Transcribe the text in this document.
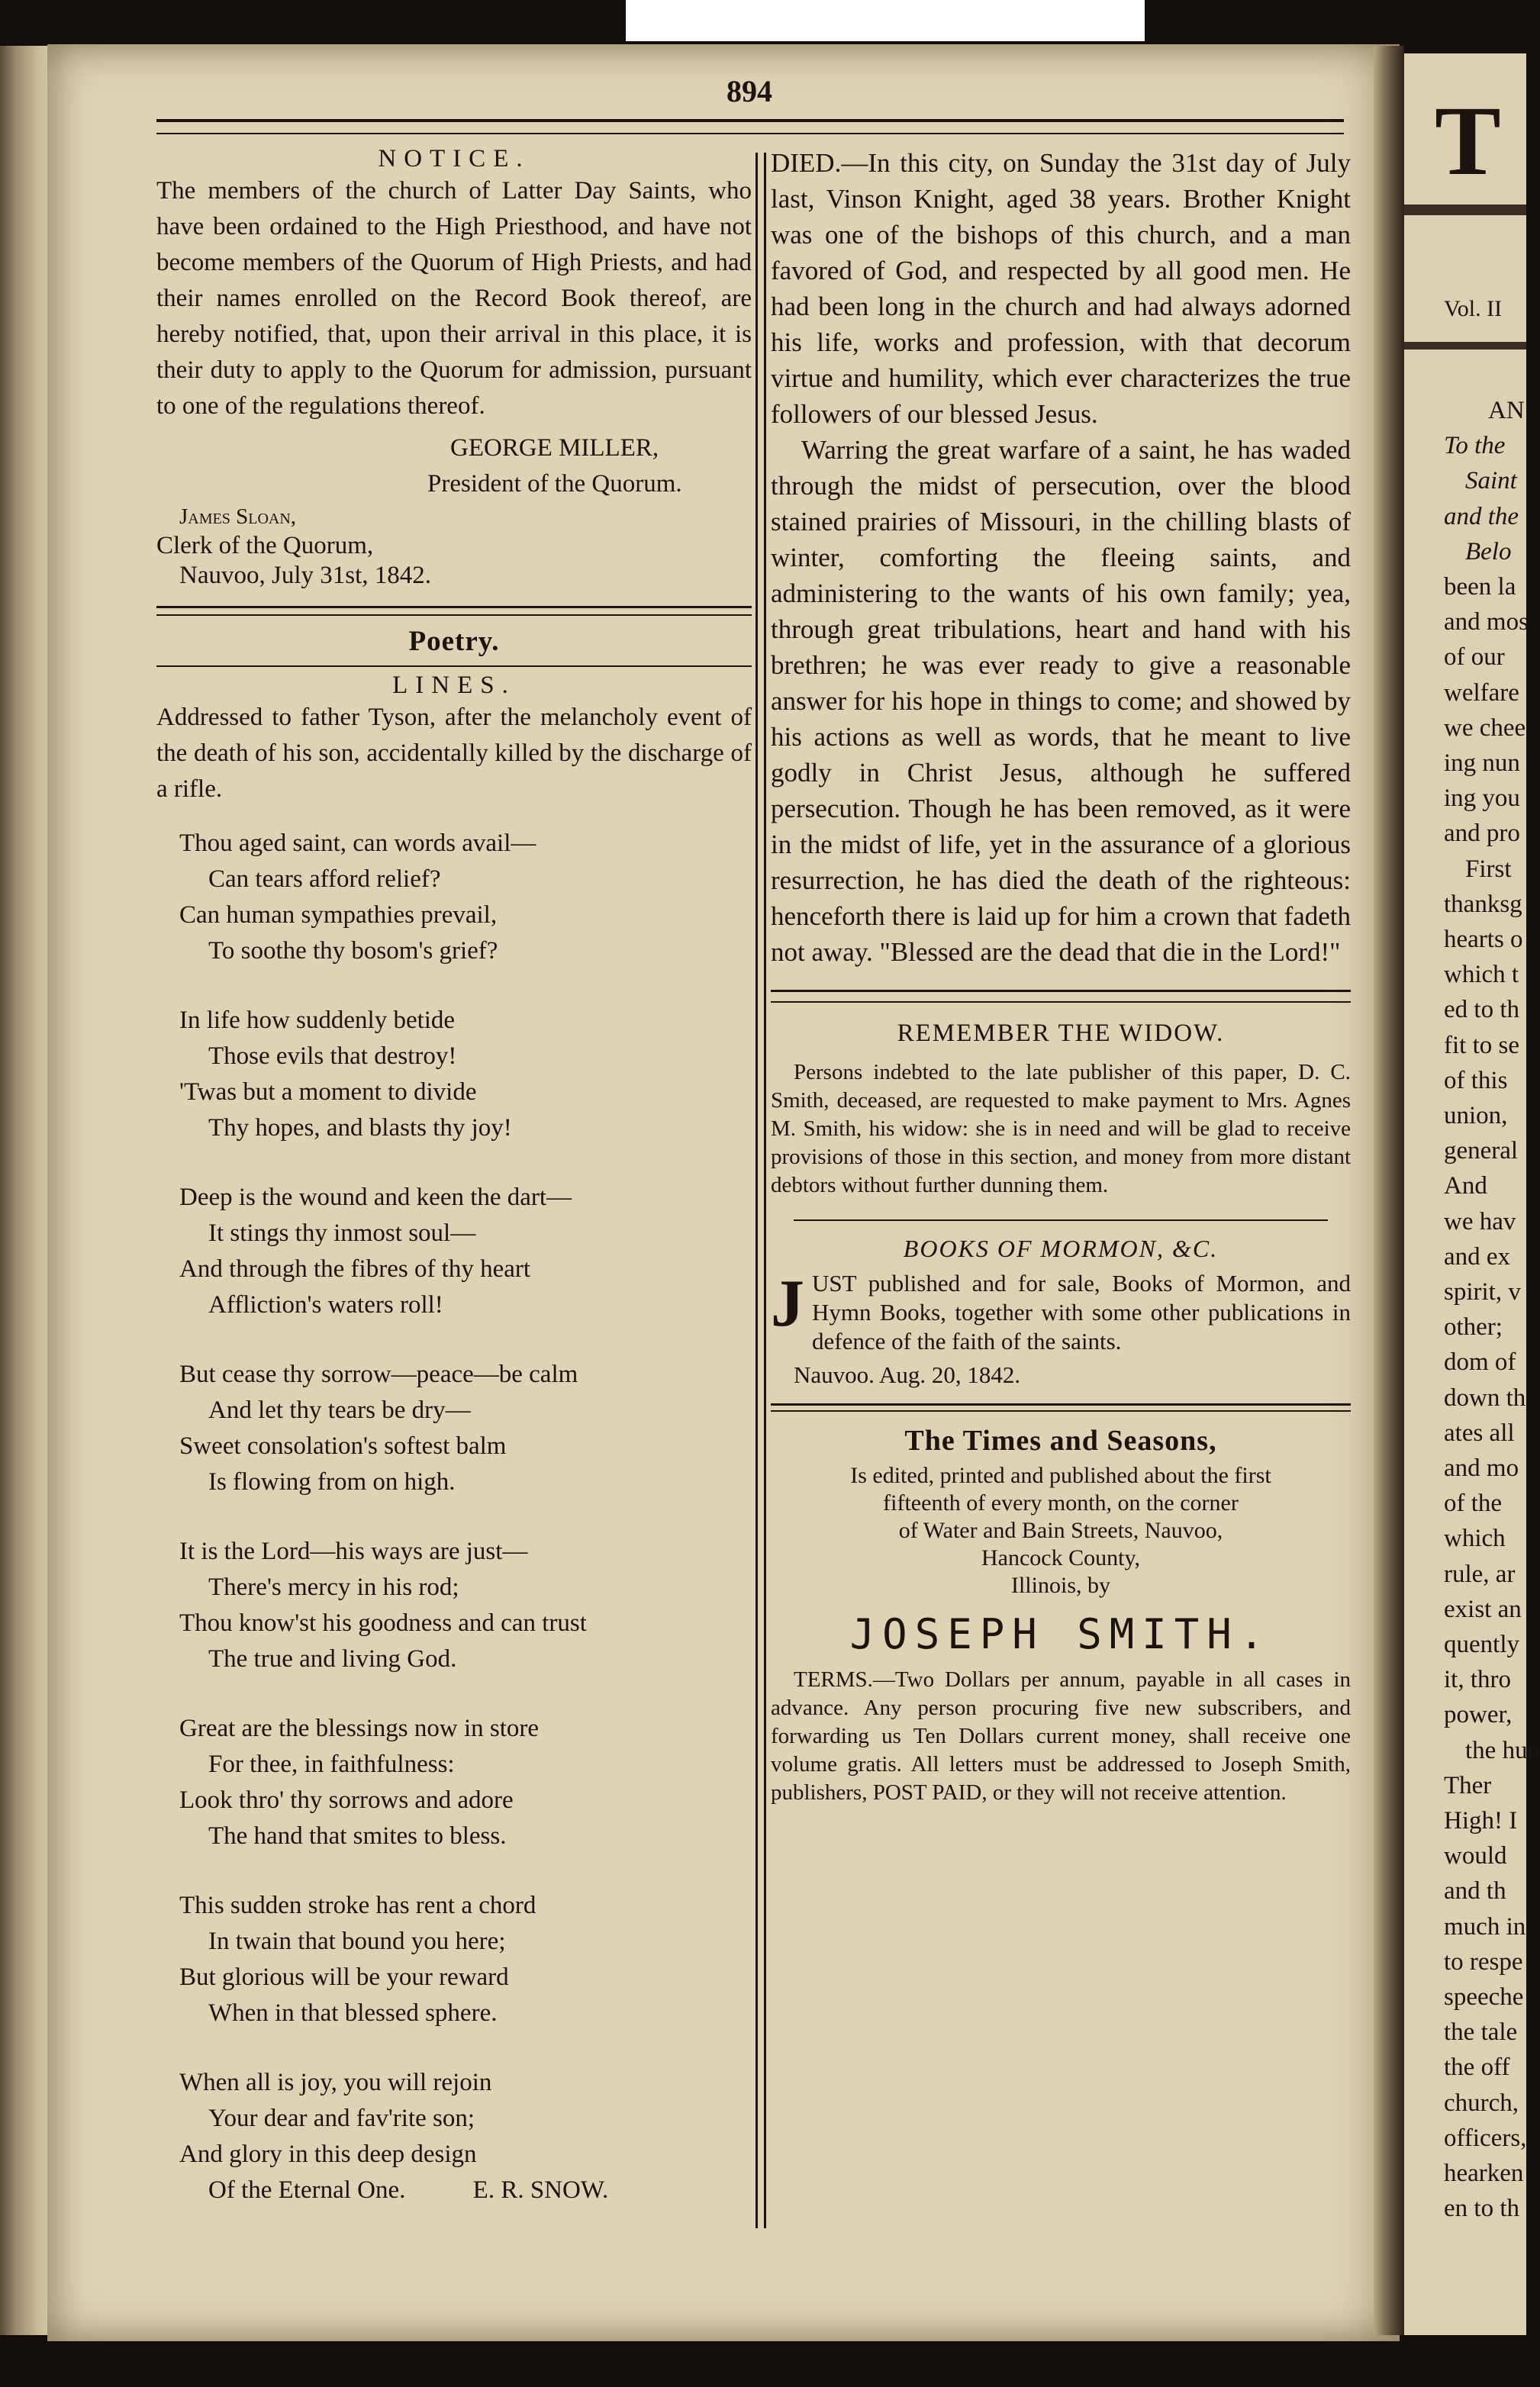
T
Vol. II
AN
To the
Saint
and the
Belo
been la
and mos
of our
welfare
we chee
ing nun
ing you
and pro
First
thanksg
hearts o
which t
ed to th
fit to se
of this
union,
general
And
we hav
and ex
spirit, v
other;
dom of
down th
ates all
and mo
of the
which
rule, ar
exist an
quently
it, thro
power,
the hun
Ther
High! I
would
and th
much in
to respe
speeche
the tale
the off
church,
officers,
hearken
en to th
894
NOTICE.
The members of the church of Latter Day Saints, who have been ordained to the High Priesthood, and have not become members of the Quorum of High Priests, and had their names enrolled on the Record Book thereof, are hereby notified, that, upon their arrival in this place, it is their duty to apply to the Quorum for admission, pursuant to one of the regulations thereof.
GEORGE MILLER,
President of the Quorum.
James Sloan,
Clerk of the Quorum,
Nauvoo, July 31st, 1842.
Poetry.
LINES.
Addressed to father Tyson, after the melancholy event of the death of his son, accidentally killed by the discharge of a rifle.

Thou aged saint, can words avail—

Can tears afford relief?

Can human sympathies prevail,

To soothe thy bosom's grief?

In life how suddenly betide

Those evils that destroy!

'Twas but a moment to divide

Thy hopes, and blasts thy joy!

Deep is the wound and keen the dart—

It stings thy inmost soul—

And through the fibres of thy heart

Affliction's waters roll!

But cease thy sorrow—peace—be calm

And let thy tears be dry—

Sweet consolation's softest balm

Is flowing from on high.

It is the Lord—his ways are just—

There's mercy in his rod;

Thou know'st his goodness and can trust

The true and living God.

Great are the blessings now in store

For thee, in faithfulness:

Look thro' thy sorrows and adore

The hand that smites to bless.

This sudden stroke has rent a chord

In twain that bound you here;

But glorious will be your reward

When in that blessed sphere.

When all is joy, you will rejoin

Your dear and fav'rite son;

And glory in this deep design

Of the Eternal One.	E. R. SNOW.

DIED.—In this city, on Sunday the 31st day of July last, Vinson Knight, aged 38 years. Brother Knight was one of the bishops of this church, and a man favored of God, and respected by all good men. He had been long in the church and had always adorned his life, works and profession, with that decorum virtue and humility, which ever characterizes the true followers of our blessed Jesus.
Warring the great warfare of a saint, he has waded through the midst of persecution, over the blood stained prairies of Missouri, in the chilling blasts of winter, comforting the fleeing saints, and administering to the wants of his own family; yea, through great tribulations, heart and hand with his brethren; he was ever ready to give a reasonable answer for his hope in things to come; and showed by his actions as well as words, that he meant to live godly in Christ Jesus, although he suffered persecution. Though he has been removed, as it were in the midst of life, yet in the assurance of a glorious resurrection, he has died the death of the righteous: henceforth there is laid up for him a crown that fadeth not away. "Blessed are the dead that die in the Lord!"
REMEMBER THE WIDOW.
Persons indebted to the late publisher of this paper, D. C. Smith, deceased, are requested to make payment to Mrs. Agnes M. Smith, his widow: she is in need and will be glad to receive provisions of those in this section, and money from more distant debtors without further dunning them.
BOOKS OF MORMON, &C.
JUST published and for sale, Books of Mormon, and Hymn Books, together with some other publications in defence of the faith of the saints.
Nauvoo. Aug. 20, 1842.
The Times and Seasons,
Is edited, printed and published about the first
fifteenth of every month, on the corner
of Water and Bain Streets, Nauvoo,
Hancock County,
Illinois, by
JOSEPH SMITH.
TERMS.—Two Dollars per annum, payable in all cases in advance. Any person procuring five new subscribers, and forwarding us Ten Dollars current money, shall receive one volume gratis. All letters must be addressed to Joseph Smith, publishers, POST PAID, or they will not receive attention.
